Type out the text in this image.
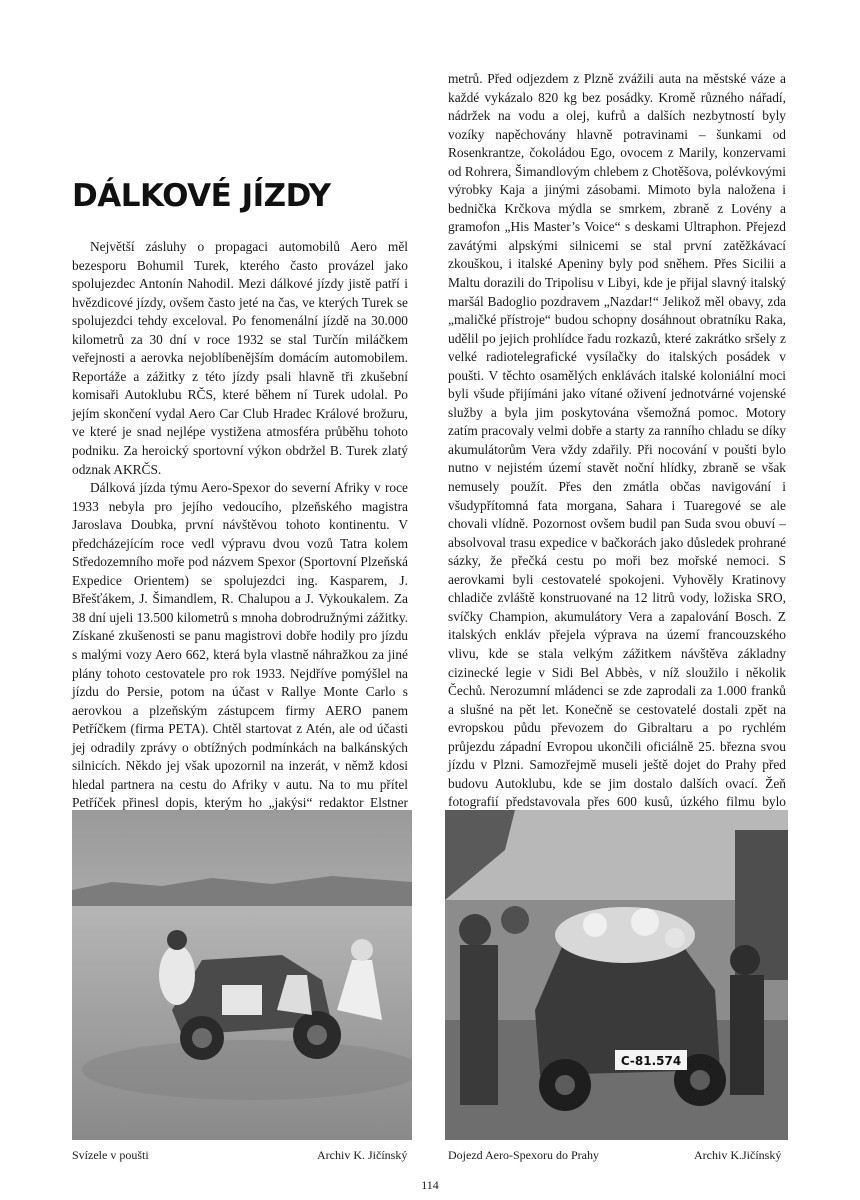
DÁLKOVÉ JÍZDY

Největší zásluhy o propagaci automobilů Aero měl bezesporu Bohumil Turek, kterého často provázel jako spolujezdec Antonín Nahodil. Mezi dálkové jízdy jistě patří i hvězdicové jízdy, ovšem často jeté na čas, ve kterých Turek se spolujezdci tehdy exceloval. Po fenomenální jízdě na 30.000 kilometrů za 30 dní v roce 1932 se stal Turčín miláčkem veřejnosti a aerovka nejoblíbenějším domácím automobilem. Reportáže a zážitky z této jízdy psali hlavně tři zkušební komisaři Autoklubu RČS, které během ní Turek udolal. Po jejím skončení vydal Aero Car Club Hradec Králové brožuru, ve které je snad nejlépe vystižena atmosféra průběhu tohoto podniku. Za heroický sportovní výkon obdržel B. Turek zlatý odznak AKRČS.

Dálková jízda týmu Aero-Spexor do severní Afriky v roce 1933 nebyla pro jejího vedoucího, plzeňského magistra Jaroslava Doubka, první návštěvou tohoto kontinentu. V předcházejícím roce vedl výpravu dvou vozů Tatra kolem Středozemního moře pod názvem Spexor (Sportovní Plzeňská Expedice Orientem) se spolujezdci ing. Kasparem, J. Břešťákem, J. Šimandlem, R. Chalupou a J. Vykoukalem. Za 38 dní ujeli 13.500 kilometrů s mnoha dobrodružnými zážitky. Získané zkušenosti se panu magistrovi dobře hodily pro jízdu s malými vozy Aero 662, která byla vlastně náhražkou za jiné plány tohoto cestovatele pro rok 1933. Nejdříve pomýšlel na jízdu do Persie, potom na účast v Rallye Monte Carlo s aerovkou a plzeňským zástupcem firmy AERO panem Petříčkem (firma PETA). Chtěl startovat z Atén, ale od účasti jej odradily zprávy o obtížných podmínkách na balkánských silnicích. Někdo jej však upozornil na inzerát, v němž kdosi hledal partnera na cestu do Afriky v autu. Na to mu přítel Petříček přinesl dopis, kterým ho „jakýsi“ redaktor Elstner

metrů. Před odjezdem z Plzně zvážili auta na městské váze a každé vykázalo 820 kg bez posádky. Kromě různého nářadí, nádržek na vodu a olej, kufrů a dalších nezbytností byly vozíky napěchovány hlavně potravinami – šunkami od Rosenkrantze, čokoládou Ego, ovocem z Marily, konzervami od Rohrera, Šimandlovým chlebem z Chotěšova, polévkovými výrobky Kaja a jinými zásobami. Mimoto byla naložena i bednička Krčkova mýdla se smrkem, zbraně z Lovény a gramofon „His Master’s Voice“ s deskami Ultraphon. Přejezd zavátými alpskými silnicemi se stal první zatěžkávací zkouškou, i italské Apeniny byly pod sněhem. Přes Sicilii a Maltu dorazili do Tripolisu v Libyi, kde je přijal slavný italský maršál Badoglio pozdravem „Nazdar!“ Jelikož měl obavy, zda „maličké přístroje“ budou schopny dosáhnout obratníku Raka, udělil po jejich prohlídce řadu rozkazů, které zakrátko sršely z velké radiotelegrafické vysílačky do italských posádek v poušti. V těchto osamělých enklávách italské koloniální moci byli všude přijímáni jako vítané oživení jednotvárné vojenské služby a byla jim poskytována všemožná pomoc. Motory zatím pracovaly velmi dobře a starty za ranního chladu se díky akumulátorům Vera vždy zdařily. Při nocování v poušti bylo nutno v nejistém území stavět noční hlídky, zbraně se však nemusely použít. Přes den zmátla občas navigování i všudypřítomná fata morgana, Sahara i Tuaregové se ale chovali vlídně. Pozornost ovšem budil pan Suda svou obuví – absolvoval trasu expedice v bačkorách jako důsledek prohrané sázky, že přečká cestu po moři bez mořské nemoci. S aerovkami byli cestovatelé spokojeni. Vyhověly Kratinovy chladiče zvláště konstruované na 12 litrů vody, ložiska SRO, svíčky Champion, akumulátory Vera a zapalování Bosch. Z italských enkláv přejela výprava na území francouzského vlivu, kde se stala velkým zážitkem návštěva základny cizinecké legie v Sidi Bel Abbès, v níž sloužilo i několik Čechů. Nerozumní mládenci se zde zaprodali za 1.000 franků a slušné na pět let. Konečně se cestovatelé dostali zpět na evropskou půdu převozem do Gibraltaru a po rychlém průjezdu západní Evropou ukončili oficiálně 25. března svou jízdu v Plzni. Samozřejmě museli ještě dojet do Prahy před budovu Autoklubu, kde se jim dostalo dalších ovací. Žeň fotografií představovala přes 600 kusů, úzkého filmu bylo

C-81.574
Svízele v poušti	Archiv K. Jičínský	Dojezd Aero-Spexoru do Prahy	Archiv K.Jičínský
114
